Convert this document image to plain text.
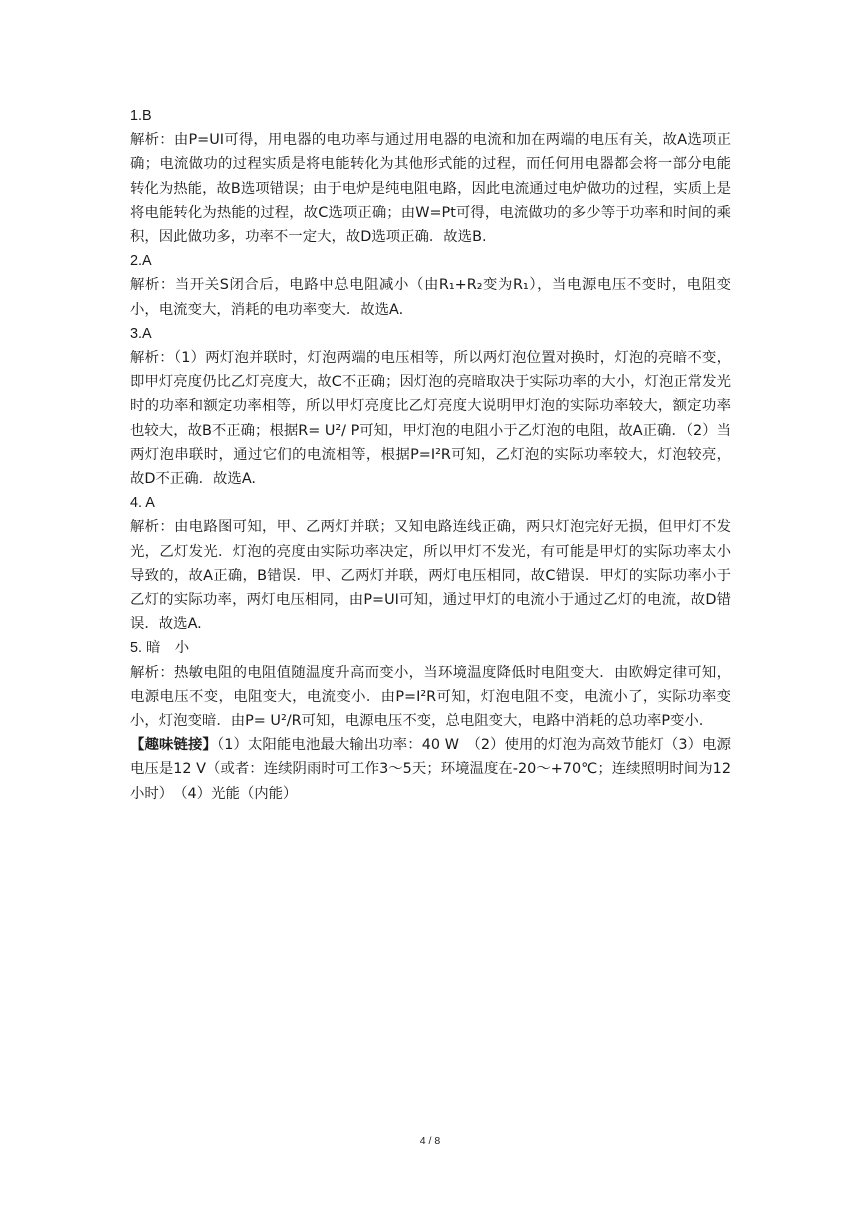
1.B

解析：由P=UI可得，用电器的电功率与通过用电器的电流和加在两端的电压有关，故A选项正确；电流做功的过程实质是将电能转化为其他形式能的过程，而任何用电器都会将一部分电能转化为热能，故B选项错误；由于电炉是纯电阻电路，因此电流通过电炉做功的过程，实质上是将电能转化为热能的过程，故C选项正确；由W=Pt可得，电流做功的多少等于功率和时间的乘积，因此做功多，功率不一定大，故D选项正确．故选B.

2.A

解析：当开关S闭合后，电路中总电阻减小（由R₁+R₂变为R₁），当电源电压不变时，电阻变小，电流变大，消耗的电功率变大．故选A.

3.A

解析：（1）两灯泡并联时，灯泡两端的电压相等，所以两灯泡位置对换时，灯泡的亮暗不变，即甲灯亮度仍比乙灯亮度大，故C不正确；因灯泡的亮暗取决于实际功率的大小，灯泡正常发光时的功率和额定功率相等，所以甲灯亮度比乙灯亮度大说明甲灯泡的实际功率较大，额定功率也较大，故B不正确；根据R= U²/ P可知，甲灯泡的电阻小于乙灯泡的电阻，故A正确．（2）当两灯泡串联时，通过它们的电流相等，根据P=I²R可知，乙灯泡的实际功率较大，灯泡较亮，故D不正确．故选A.

4. A

解析：由电路图可知，甲、乙两灯并联；又知电路连线正确，两只灯泡完好无损，但甲灯不发光，乙灯发光．灯泡的亮度由实际功率决定，所以甲灯不发光，有可能是甲灯的实际功率太小导致的，故A正确，B错误．甲、乙两灯并联，两灯电压相同，故C错误．甲灯的实际功率小于乙灯的实际功率，两灯电压相同，由P=UI可知，通过甲灯的电流小于通过乙灯的电流，故D错误．故选A.

5. 暗　小

解析：热敏电阻的电阻值随温度升高而变小，当环境温度降低时电阻变大．由欧姆定律可知，电源电压不变，电阻变大，电流变小．由P=I²R可知，灯泡电阻不变，电流小了，实际功率变小，灯泡变暗．由P= U²/R可知，电源电压不变，总电阻变大，电路中消耗的总功率P变小.

【趣味链接】（1）太阳能电池最大输出功率：40 W　（2）使用的灯泡为高效节能灯（3）电源电压是12 V（或者：连续阴雨时可工作3～5天；环境温度在-20～+70℃；连续照明时间为12小时）　（4）光能（内能）

4 / 8
